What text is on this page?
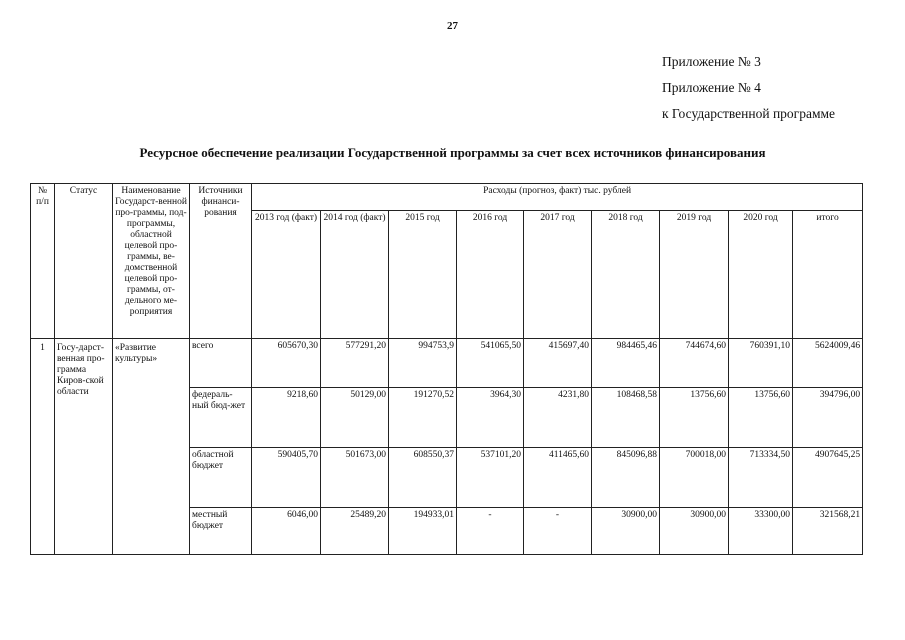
27
Приложение № 3
Приложение № 4
к Государственной программе
Ресурсное обеспечение реализации Государственной программы за счет всех источников финансирования
№ п/п	Статус	Наименование Государст-венной про-граммы, под-программы, областной целевой про-граммы, ве-домственной целевой про-граммы, от-дельного ме-роприятия	Источники финанси-рования	Расходы (прогноз, факт) тыс. рублей								
				2013 год (факт)	2014 год (факт)	2015 год	2016 год	2017 год	2018 год	2019 год	2020 год	итого
1	Госу-дарст-венная про-грамма Киров-ской области	«Развитие культуры»	всего	605670,30	577291,20	994753,9	541065,50	415697,40	984465,46	744674,60	760391,10	5624009,46
			федераль-ный бюд-жет	9218,60	50129,00	191270,52	3964,30	4231,80	108468,58	13756,60	13756,60	394796,00
			областной бюджет	590405,70	501673,00	608550,37	537101,20	411465,60	845096,88	700018,00	713334,50	4907645,25
			местный бюджет	6046,00	25489,20	194933,01	-	-	30900,00	30900,00	33300,00	321568,21
